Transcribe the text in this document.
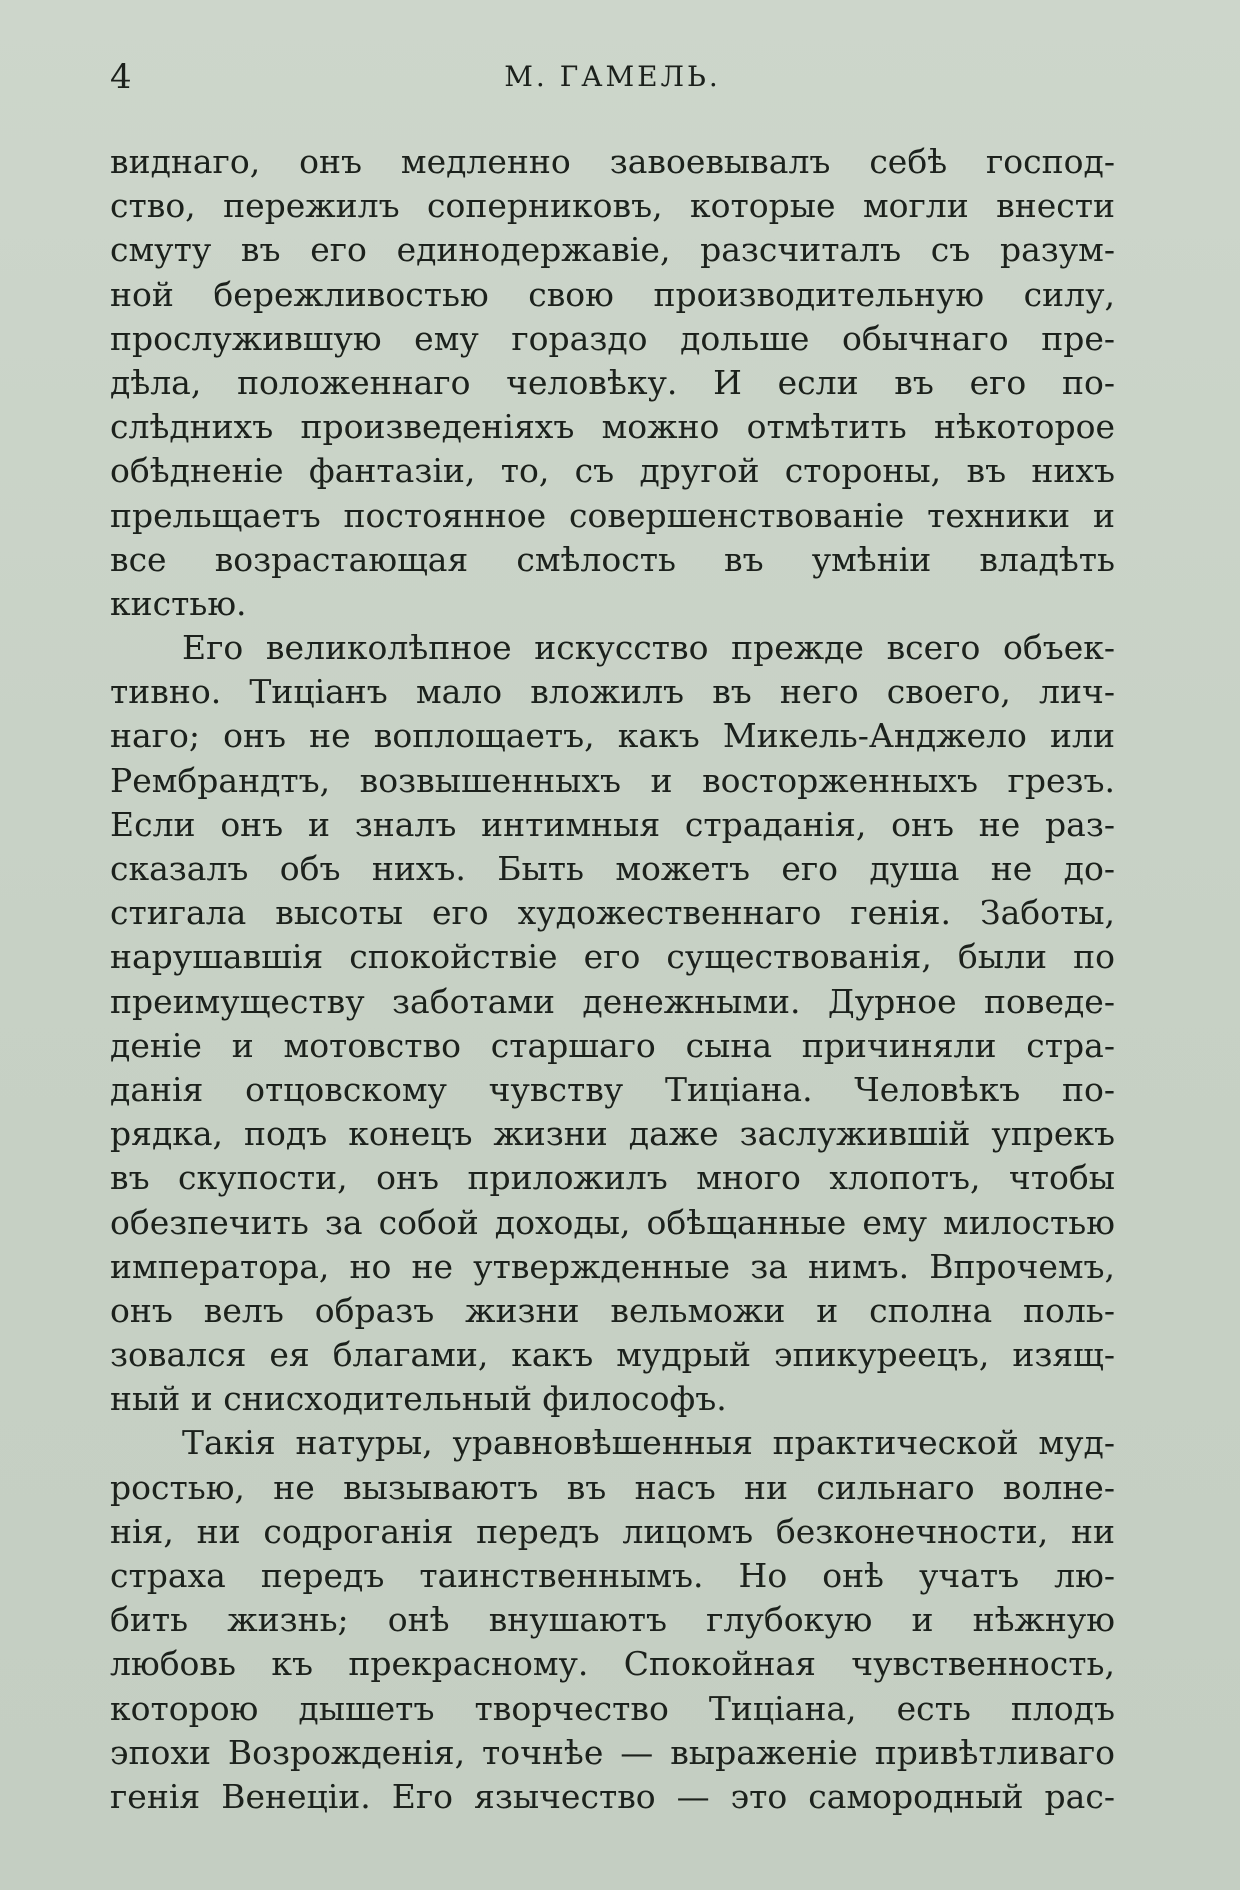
4	М. ГАМЕЛЬ.
виднаго, онъ медленно завоевывалъ себѣ господ-
ство, пережилъ соперниковъ, которые могли внести
смуту въ его единодержавіе, разсчиталъ съ разум-
ной бережливостью свою производительную силу,
прослужившую ему гораздо дольше обычнаго пре-
дѣла, положеннаго человѣку. И если въ его по-
слѣднихъ произведеніяхъ можно отмѣтить нѣкоторое
обѣдненіе фантазіи, то, съ другой стороны, въ нихъ
прельщаетъ постоянное совершенствованіе техники и
все возрастающая смѣлость въ умѣніи владѣть
кистью.
Его великолѣпное искусство прежде всего объек-
тивно. Тиціанъ мало вложилъ въ него своего, лич-
наго; онъ не воплощаетъ, какъ Микель-Анджело или
Рембрандтъ, возвышенныхъ и восторженныхъ грезъ.
Если онъ и зналъ интимныя страданія, онъ не раз-
сказалъ объ нихъ. Быть можетъ его душа не до-
стигала высоты его художественнаго генія. Заботы,
нарушавшія спокойствіе его существованія, были по
преимуществу заботами денежными. Дурное поведе-
деніе и мотовство старшаго сына причиняли стра-
данія отцовскому чувству Тиціана. Человѣкъ по-
рядка, подъ конецъ жизни даже заслужившій упрекъ
въ скупости, онъ приложилъ много хлопотъ, чтобы
обезпечить за собой доходы, обѣщанные ему милостью
императора, но не утвержденные за нимъ. Впрочемъ,
онъ велъ образъ жизни вельможи и сполна поль-
зовался ея благами, какъ мудрый эпикуреецъ, изящ-
ный и снисходительный философъ.
Такія натуры, уравновѣшенныя практической муд-
ростью, не вызываютъ въ насъ ни сильнаго волне-
нія, ни содроганія передъ лицомъ безконечности, ни
страха передъ таинственнымъ. Но онѣ учатъ лю-
бить жизнь; онѣ внушаютъ глубокую и нѣжную
любовь къ прекрасному. Спокойная чувственность,
которою дышетъ творчество Тиціана, есть плодъ
эпохи Возрожденія, точнѣе — выраженіе привѣтливаго
генія Венеціи. Его язычество — это самородный рас-
